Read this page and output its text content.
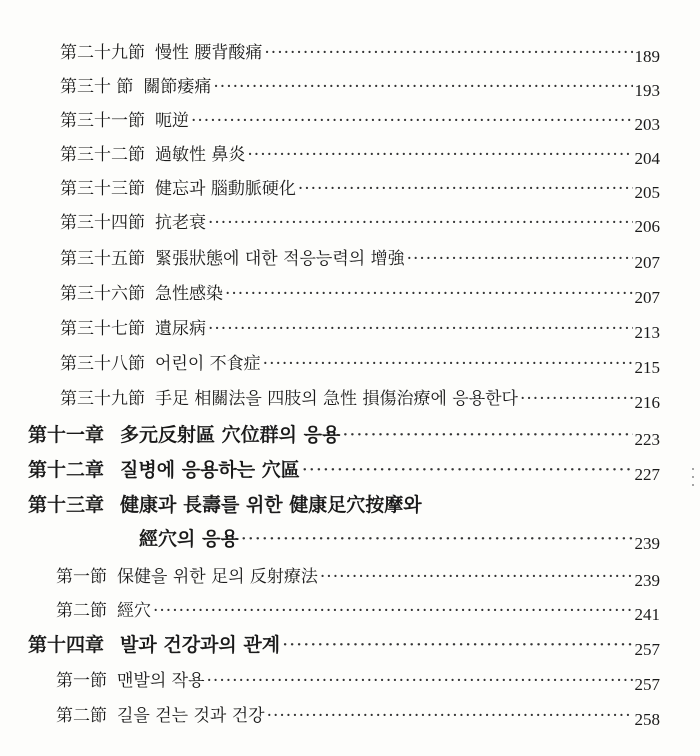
第二十九節 慢性 腰背酸痛 ·····	189
第三十 節 關節痿痛 ·····	193
第三十一節 呃逆 ·····	203
第三十二節 過敏性 鼻炎 ·····	204
第三十三節 健忘과 腦動脈硬化 ·····	205
第三十四節 抗老衰 ·····	206
第三十五節 緊張狀態에 대한 적응능력의 增強 ·····	207
第三十六節 急性感染 ·····	207
第三十七節 遺尿病 ·····	213
第三十八節 어린이 不食症 ·····	215
第三十九節 手足 相關法을 四肢의 急性 損傷治療에 응용한다 ·····	216
第十一章 多元反射區 穴位群의 응용 ·····	223
第十二章 질병에 응용하는 穴區 ·····	227
第十三章 健康과 長壽를 위한 健康足穴按摩와
經穴의 응용 ·····	239
第一節 保健을 위한 足의 反射療法 ·····	239
第二節 經穴 ·····	241
第十四章 발과 건강과의 관계 ·····	257
第一節 맨발의 작용 ·····	257
第二節 길을 걷는 것과 건강 ·····	258
